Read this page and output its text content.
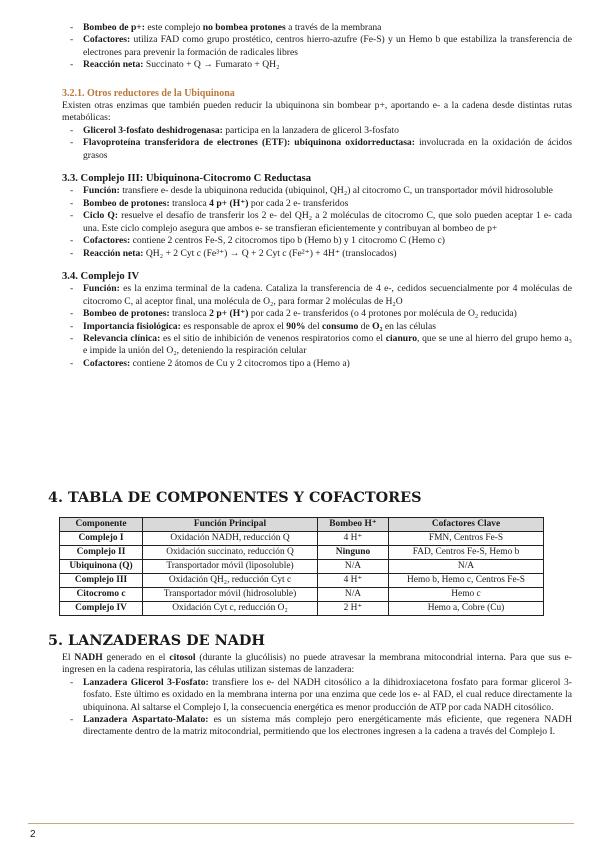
- Bombeo de p+: este complejo no bombea protones a través de la membrana
- Cofactores: utiliza FAD como grupo prostético, centros hierro-azufre (Fe-S) y un Hemo b que estabiliza la transferencia de electrones para prevenir la formación de radicales libres
- Reacción neta: Succinato + Q → Fumarato + QH₂
3.2.1. Otros reductores de la Ubiquinona

Existen otras enzimas que también pueden reducir la ubiquinona sin bombear p+, aportando e- a la cadena desde distintas rutas metabólicas:

- Glicerol 3-fosfato deshidrogenasa: participa en la lanzadera de glicerol 3-fosfato
- Flavoproteína transferidora de electrones (ETF): ubiquinona oxidorreductasa: involucrada en la oxidación de ácidos grasos
3.3. Complejo III: Ubiquinona-Citocromo C Reductasa
- Función: transfiere e- desde la ubiquinona reducida (ubiquinol, QH₂) al citocromo C, un transportador móvil hidrosoluble
- Bombeo de protones: transloca 4 p+ (H⁺) por cada 2 e- transferidos
- Ciclo Q: resuelve el desafío de transferir los 2 e- del QH₂ a 2 moléculas de citocromo C, que solo pueden aceptar 1 e- cada una. Este ciclo complejo asegura que ambos e- se transfieran eficientemente y contribuyan al bombeo de p+
- Cofactores: contiene 2 centros Fe-S, 2 citocromos tipo b (Hemo b) y 1 citocromo C (Hemo c)
- Reacción neta: QH₂ + 2 Cyt c (Fe³⁺) → Q + 2 Cyt c (Fe²⁺) + 4H⁺ (translocados)
3.4. Complejo IV
- Función: es la enzima terminal de la cadena. Cataliza la transferencia de 4 e-, cedidos secuencialmente por 4 moléculas de citocromo C, al aceptor final, una molécula de O₂, para formar 2 moléculas de H₂O
- Bombeo de protones: transloca 2 p+ (H⁺) por cada 2 e- transferidos (o 4 protones por molécula de O₂ reducida)
- Importancia fisiológica: es responsable de aprox el 90% del consumo de O₂ en las células
- Relevancia clínica: es el sitio de inhibición de venenos respiratorios como el cianuro, que se une al hierro del grupo hemo a₃ e impide la unión del O₂, deteniendo la respiración celular
- Cofactores: contiene 2 átomos de Cu y 2 citocromos tipo a (Hemo a)
4. TABLA DE COMPONENTES Y COFACTORES
Componente	Función Principal	Bombeo H⁺	Cofactores Clave
Complejo I	Oxidación NADH, reducción Q	4 H⁺	FMN, Centros Fe-S
Complejo II	Oxidación succinato, reducción Q	Ninguno	FAD, Centros Fe-S, Hemo b
Ubiquinona (Q)	Transportador móvil (liposoluble)	N/A	N/A
Complejo III	Oxidación QH₂, reducción Cyt c	4 H⁺	Hemo b, Hemo c, Centros Fe-S
Citocromo c	Transportador móvil (hidrosoluble)	N/A	Hemo c
Complejo IV	Oxidación Cyt c, reducción O₂	2 H⁺	Hemo a, Cobre (Cu)
5. LANZADERAS DE NADH

El NADH generado en el citosol (durante la glucólisis) no puede atravesar la membrana mitocondrial interna. Para que sus e- ingresen en la cadena respiratoria, las células utilizan sistemas de lanzadera:

- Lanzadera Glicerol 3-Fosfato: transfiere los e- del NADH citosólico a la dihidroxiacetona fosfato para formar glicerol 3-fosfato. Este último es oxidado en la membrana interna por una enzima que cede los e- al FAD, el cual reduce directamente la ubiquinona. Al saltarse el Complejo I, la consecuencia energética es menor producción de ATP por cada NADH citosólico.
- Lanzadera Aspartato-Malato: es un sistema más complejo pero energéticamente más eficiente, que regenera NADH directamente dentro de la matriz mitocondrial, permitiendo que los electrones ingresen a la cadena a través del Complejo I.
2
